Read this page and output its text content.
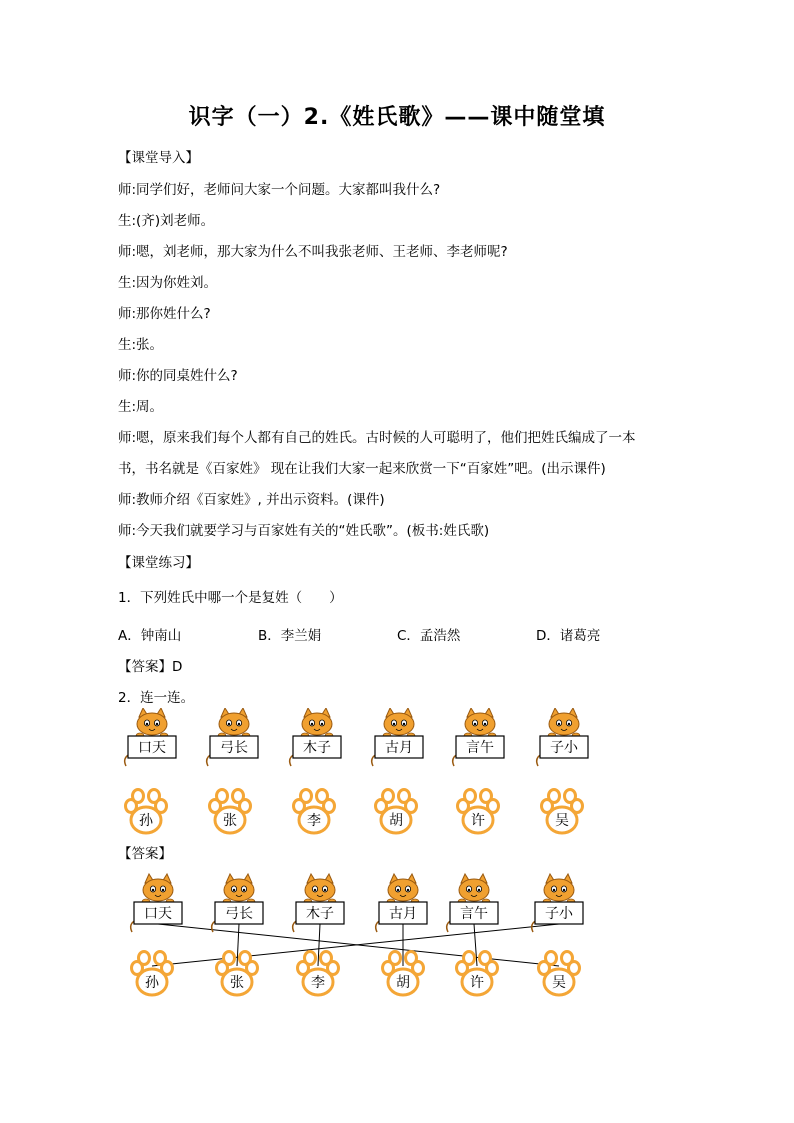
识字（一）2.《姓氏歌》——课中随堂填
【课堂导入】
师:同学们好，老师问大家一个问题。大家都叫我什么?
生:(齐)刘老师。
师:嗯，刘老师，那大家为什么不叫我张老师、王老师、李老师呢?
生:因为你姓刘。
师:那你姓什么?
生:张。
师:你的同桌姓什么?
生:周。
师:嗯，原来我们每个人都有自己的姓氏。古时候的人可聪明了，他们把姓氏编成了一本
书，书名就是《百家姓》 现在让我们大家一起来欣赏一下“百家姓”吧。(出示课件)
师:教师介绍《百家姓》, 并出示资料。(课件)
师:今天我们就要学习与百家姓有关的“姓氏歌”。(板书:姓氏歌)
【课堂练习】
1．下列姓氏中哪一个是复姓（　　）
A．钟南山	B．李兰娟	C．孟浩然	D．诸葛亮
【答案】D
2．连一连。
口天	弓长	木子	古月	言午	子小
孙	张	李	胡	许	吴
【答案】
口天	弓长	木子	古月	言午	子小
孙	张	李	胡	许	吴
